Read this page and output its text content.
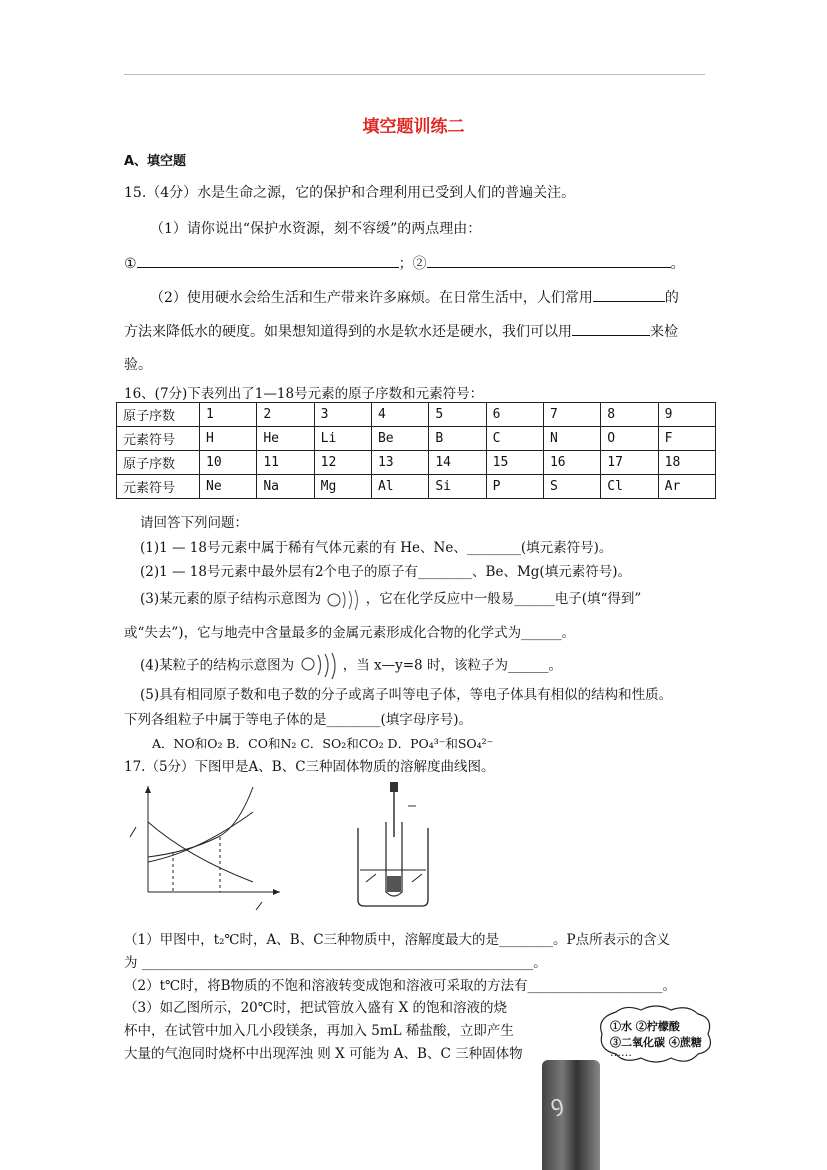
填空题训练二
A、填空题
15.（4分）水是生命之源，它的保护和合理利用已受到人们的普遍关注。
（1）请你说出“保护水资源，刻不容缓”的两点理由：
①	；②	。
（2）使用硬水会给生活和生产带来许多麻烦。在日常生活中，人们常用	的
方法来降低水的硬度。如果想知道得到的水是软水还是硬水，我们可以用	来检
验。
16、(7分)下表列出了1—18号元素的原子序数和元素符号：
原子序数	1	2	3	4	5	6	7	8	9
元素符号	H	He	Li	Be	B	C	N	O	F
原子序数	10	11	12	13	14	15	16	17	18
元素符号	Ne	Na	Mg	Al	Si	P	S	Cl	Ar
请回答下列问题：
(1)1 — 18号元素中属于稀有气体元素的有 He、Ne、________(填元素符号)。
(2)1 — 18号元素中最外层有2个电子的原子有________、Be、Mg(填元素符号)。
(3)某元素的原子结构示意图为	，它在化学反应中一般易______电子(填“得到”
或“失去”)，它与地壳中含量最多的金属元素形成化合物的化学式为______。
(4)某粒子的结构示意图为	，当 x—y=8 时，该粒子为______。
(5)具有相同原子数和电子数的分子或离子叫等电子体，等电子体具有相似的结构和性质。
下列各组粒子中属于等电子体的是________(填字母序号)。
A．NO和O₂ B．CO和N₂ C．SO₂和CO₂ D．PO₄³⁻和SO₄²⁻
17.（5分）下图甲是A、B、C三种固体物质的溶解度曲线图。
（1）甲图中，t₂℃时，A、B、C三种物质中，溶解度最大的是________。P点所表示的含义
为 __________________________________________________________。
（2）t℃时，将B物质的不饱和溶液转变成饱和溶液可采取的方法有____________________。
（3）如乙图所示，20℃时，把试管放入盛有 X 的饱和溶液的烧
杯中，在试管中加入几小段镁条，再加入 5mL 稀盐酸，立即产生
大量的气泡同时烧杯中出现浑浊 则 X 可能为 A、B、C 三种固体物
①水 ②柠檬酸
③二氧化碳 ④蔗糖
……
ꝯ
